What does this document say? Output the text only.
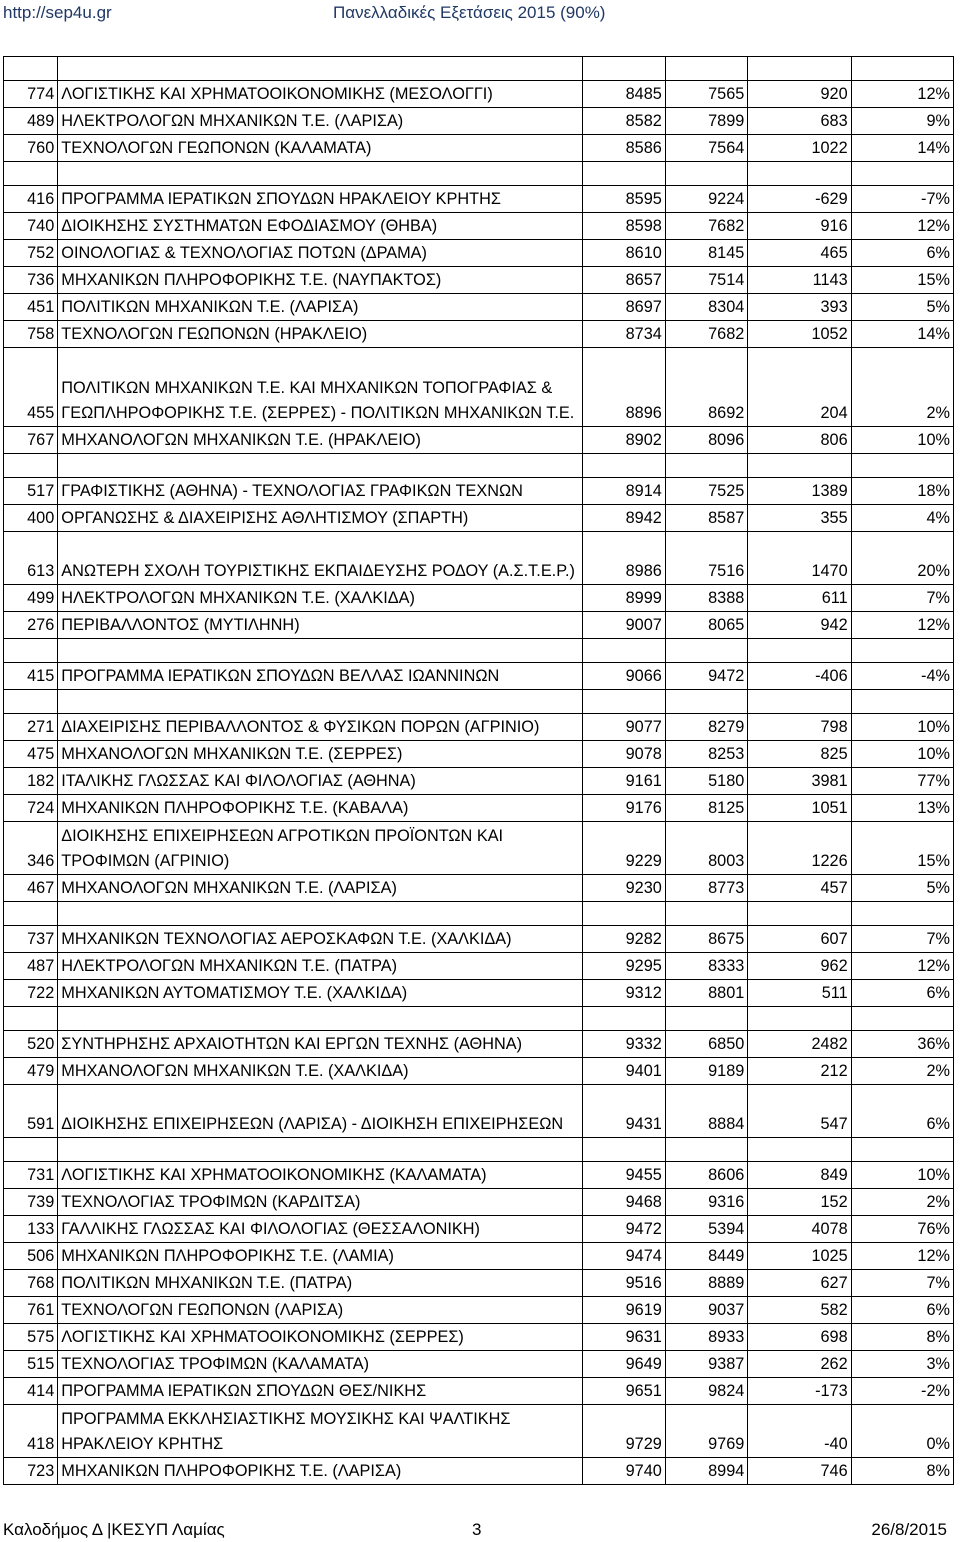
http://sep4u.gr	Πανελλαδικές Εξετάσεις 2015 (90%)

774	ΛΟΓΙΣΤΙΚΗΣ ΚΑΙ ΧΡΗΜΑΤΟΟΙΚΟΝΟΜΙΚΗΣ (ΜΕΣΟΛΟΓΓΙ)	8485	7565	920	12%
489	ΗΛΕΚΤΡΟΛΟΓΩΝ ΜΗΧΑΝΙΚΩΝ Τ.Ε. (ΛΑΡΙΣΑ)	8582	7899	683	9%
760	ΤΕΧΝΟΛΟΓΩΝ ΓΕΩΠΟΝΩΝ (ΚΑΛΑΜΑΤΑ)	8586	7564	1022	14%

416	ΠΡΟΓΡΑΜΜΑ ΙΕΡΑΤΙΚΩΝ ΣΠΟΥΔΩΝ ΗΡΑΚΛΕΙΟΥ ΚΡΗΤΗΣ	8595	9224	-629	-7%
740	ΔΙΟΙΚΗΣΗΣ ΣΥΣΤΗΜΑΤΩΝ ΕΦΟΔΙΑΣΜΟΥ (ΘΗΒΑ)	8598	7682	916	12%
752	ΟΙΝΟΛΟΓΙΑΣ & ΤΕΧΝΟΛΟΓΙΑΣ ΠΟΤΩΝ (ΔΡΑΜΑ)	8610	8145	465	6%
736	ΜΗΧΑΝΙΚΩΝ ΠΛΗΡΟΦΟΡΙΚΗΣ Τ.Ε. (ΝΑΥΠΑΚΤΟΣ)	8657	7514	1143	15%
451	ΠΟΛΙΤΙΚΩΝ ΜΗΧΑΝΙΚΩΝ Τ.Ε. (ΛΑΡΙΣΑ)	8697	8304	393	5%
758	ΤΕΧΝΟΛΟΓΩΝ ΓΕΩΠΟΝΩΝ (ΗΡΑΚΛΕΙΟ)	8734	7682	1052	14%
455	ΠΟΛΙΤΙΚΩΝ ΜΗΧΑΝΙΚΩΝ Τ.Ε. ΚΑΙ ΜΗΧΑΝΙΚΩΝ ΤΟΠΟΓΡΑΦΙΑΣ & ΓΕΩΠΛΗΡΟΦΟΡΙΚΗΣ Τ.Ε. (ΣΕΡΡΕΣ) - ΠΟΛΙΤΙΚΩΝ ΜΗΧΑΝΙΚΩΝ Τ.Ε.	8896	8692	204	2%
767	ΜΗΧΑΝΟΛΟΓΩΝ ΜΗΧΑΝΙΚΩΝ Τ.Ε. (ΗΡΑΚΛΕΙΟ)	8902	8096	806	10%

517	ΓΡΑΦΙΣΤΙΚΗΣ (ΑΘΗΝΑ) - ΤΕΧΝΟΛΟΓΙΑΣ ΓΡΑΦΙΚΩΝ ΤΕΧΝΩΝ	8914	7525	1389	18%
400	ΟΡΓΑΝΩΣΗΣ & ΔΙΑΧΕΙΡΙΣΗΣ ΑΘΛΗΤΙΣΜΟΥ (ΣΠΑΡΤΗ)	8942	8587	355	4%
613	ΑΝΩΤΕΡΗ ΣΧΟΛΗ ΤΟΥΡΙΣΤΙΚΗΣ ΕΚΠΑΙΔΕΥΣΗΣ ΡΟΔΟΥ (Α.Σ.Τ.Ε.Ρ.)	8986	7516	1470	20%
499	ΗΛΕΚΤΡΟΛΟΓΩΝ ΜΗΧΑΝΙΚΩΝ Τ.Ε. (ΧΑΛΚΙΔΑ)	8999	8388	611	7%
276	ΠΕΡΙΒΑΛΛΟΝΤΟΣ (ΜΥΤΙΛΗΝΗ)	9007	8065	942	12%

415	ΠΡΟΓΡΑΜΜΑ ΙΕΡΑΤΙΚΩΝ ΣΠΟΥΔΩΝ ΒΕΛΛΑΣ ΙΩΑΝΝΙΝΩΝ	9066	9472	-406	-4%

271	ΔΙΑΧΕΙΡΙΣΗΣ ΠΕΡΙΒΑΛΛΟΝΤΟΣ & ΦΥΣΙΚΩΝ ΠΟΡΩΝ (ΑΓΡΙΝΙΟ)	9077	8279	798	10%
475	ΜΗΧΑΝΟΛΟΓΩΝ ΜΗΧΑΝΙΚΩΝ Τ.Ε. (ΣΕΡΡΕΣ)	9078	8253	825	10%
182	ΙΤΑΛΙΚΗΣ ΓΛΩΣΣΑΣ ΚΑΙ ΦΙΛΟΛΟΓΙΑΣ (ΑΘΗΝΑ)	9161	5180	3981	77%
724	ΜΗΧΑΝΙΚΩΝ ΠΛΗΡΟΦΟΡΙΚΗΣ Τ.Ε. (ΚΑΒΑΛΑ)	9176	8125	1051	13%
346	ΔΙΟΙΚΗΣΗΣ ΕΠΙΧΕΙΡΗΣΕΩΝ ΑΓΡΟΤΙΚΩΝ ΠΡΟΪΟΝΤΩΝ ΚΑΙ ΤΡΟΦΙΜΩΝ (ΑΓΡΙΝΙΟ)	9229	8003	1226	15%
467	ΜΗΧΑΝΟΛΟΓΩΝ ΜΗΧΑΝΙΚΩΝ Τ.Ε. (ΛΑΡΙΣΑ)	9230	8773	457	5%

737	ΜΗΧΑΝΙΚΩΝ ΤΕΧΝΟΛΟΓΙΑΣ ΑΕΡΟΣΚΑΦΩΝ Τ.Ε. (ΧΑΛΚΙΔΑ)	9282	8675	607	7%
487	ΗΛΕΚΤΡΟΛΟΓΩΝ ΜΗΧΑΝΙΚΩΝ Τ.Ε. (ΠΑΤΡΑ)	9295	8333	962	12%
722	ΜΗΧΑΝΙΚΩΝ ΑΥΤΟΜΑΤΙΣΜΟΥ Τ.Ε. (ΧΑΛΚΙΔΑ)	9312	8801	511	6%

520	ΣΥΝΤΗΡΗΣΗΣ ΑΡΧΑΙΟΤΗΤΩΝ ΚΑΙ ΕΡΓΩΝ ΤΕΧΝΗΣ (ΑΘΗΝΑ)	9332	6850	2482	36%
479	ΜΗΧΑΝΟΛΟΓΩΝ ΜΗΧΑΝΙΚΩΝ Τ.Ε. (ΧΑΛΚΙΔΑ)	9401	9189	212	2%
591	ΔΙΟΙΚΗΣΗΣ ΕΠΙΧΕΙΡΗΣΕΩΝ (ΛΑΡΙΣΑ) - ΔΙΟΙΚΗΣΗ ΕΠΙΧΕΙΡΗΣΕΩΝ	9431	8884	547	6%

731	ΛΟΓΙΣΤΙΚΗΣ ΚΑΙ ΧΡΗΜΑΤΟΟΙΚΟΝΟΜΙΚΗΣ (ΚΑΛΑΜΑΤΑ)	9455	8606	849	10%
739	ΤΕΧΝΟΛΟΓΙΑΣ ΤΡΟΦΙΜΩΝ (ΚΑΡΔΙΤΣΑ)	9468	9316	152	2%
133	ΓΑΛΛΙΚΗΣ ΓΛΩΣΣΑΣ ΚΑΙ ΦΙΛΟΛΟΓΙΑΣ (ΘΕΣΣΑΛΟΝΙΚΗ)	9472	5394	4078	76%
506	ΜΗΧΑΝΙΚΩΝ ΠΛΗΡΟΦΟΡΙΚΗΣ Τ.Ε. (ΛΑΜΙΑ)	9474	8449	1025	12%
768	ΠΟΛΙΤΙΚΩΝ ΜΗΧΑΝΙΚΩΝ Τ.Ε. (ΠΑΤΡΑ)	9516	8889	627	7%
761	ΤΕΧΝΟΛΟΓΩΝ ΓΕΩΠΟΝΩΝ (ΛΑΡΙΣΑ)	9619	9037	582	6%
575	ΛΟΓΙΣΤΙΚΗΣ ΚΑΙ ΧΡΗΜΑΤΟΟΙΚΟΝΟΜΙΚΗΣ (ΣΕΡΡΕΣ)	9631	8933	698	8%
515	ΤΕΧΝΟΛΟΓΙΑΣ ΤΡΟΦΙΜΩΝ (ΚΑΛΑΜΑΤΑ)	9649	9387	262	3%
414	ΠΡΟΓΡΑΜΜΑ ΙΕΡΑΤΙΚΩΝ ΣΠΟΥΔΩΝ ΘΕΣ/ΝΙΚΗΣ	9651	9824	-173	-2%
418	ΠΡΟΓΡΑΜΜΑ ΕΚΚΛΗΣΙΑΣΤΙΚΗΣ ΜΟΥΣΙΚΗΣ ΚΑΙ ΨΑΛΤΙΚΗΣ ΗΡΑΚΛΕΙΟΥ ΚΡΗΤΗΣ	9729	9769	-40	0%
723	ΜΗΧΑΝΙΚΩΝ ΠΛΗΡΟΦΟΡΙΚΗΣ Τ.Ε. (ΛΑΡΙΣΑ)	9740	8994	746	8%
Καλοδήμος Δ |ΚΕΣΥΠ Λαμίας	3	26/8/2015
